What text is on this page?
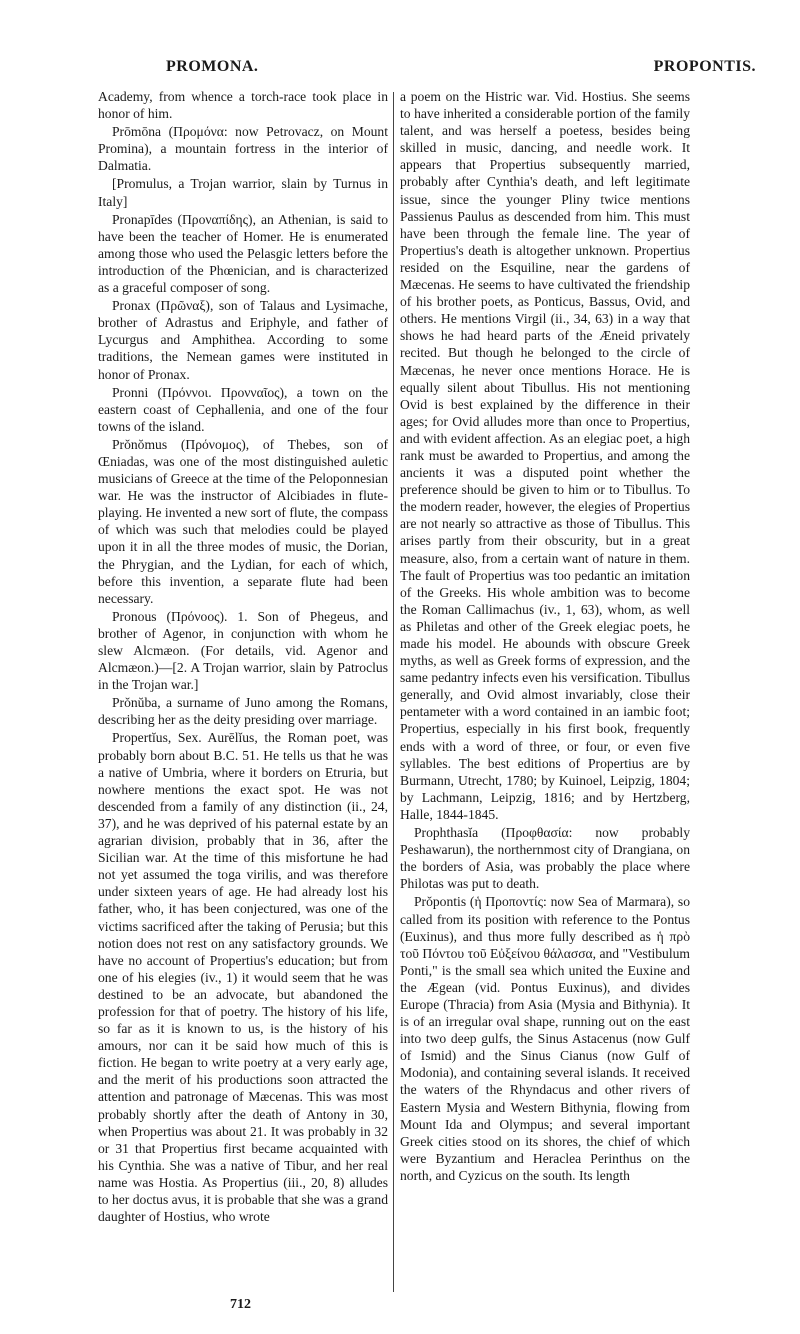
PROMONA.	PROPONTIS.

Academy, from whence a torch-race took place in honor of him.

Prōmōna (Προμόνα: now Petrovacz, on Mount Promina), a mountain fortress in the interior of Dalmatia.

[Promulus, a Trojan warrior, slain by Turnus in Italy]

Pronapīdes (Προναπίδης), an Athenian, is said to have been the teacher of Homer. He is enumerated among those who used the Pelasgic letters before the introduction of the Phœnician, and is characterized as a graceful composer of song.

Pronax (Πρῶναξ), son of Talaus and Lysimache, brother of Adrastus and Eriphyle, and father of Lycurgus and Amphithea. According to some traditions, the Nemean games were instituted in honor of Pronax.

Pronni (Πρόννοι. Προνναῖος), a town on the eastern coast of Cephallenia, and one of the four towns of the island.

Prŏnŏmus (Πρόνομος), of Thebes, son of Œniadas, was one of the most distinguished auletic musicians of Greece at the time of the Peloponnesian war. He was the instructor of Alcibiades in flute-playing. He invented a new sort of flute, the compass of which was such that melodies could be played upon it in all the three modes of music, the Dorian, the Phrygian, and the Lydian, for each of which, before this invention, a separate flute had been necessary.

Pronous (Πρόνοος). 1. Son of Phegeus, and brother of Agenor, in conjunction with whom he slew Alcmæon. (For details, vid. Agenor and Alcmæon.)—[2. A Trojan warrior, slain by Patroclus in the Trojan war.]

Prŏnŭba, a surname of Juno among the Romans, describing her as the deity presiding over marriage.

Propertĭus, Sex. Aurēlĭus, the Roman poet, was probably born about B.C. 51. He tells us that he was a native of Umbria, where it borders on Etruria, but nowhere mentions the exact spot. He was not descended from a family of any distinction (ii., 24, 37), and he was deprived of his paternal estate by an agrarian division, probably that in 36, after the Sicilian war. At the time of this misfortune he had not yet assumed the toga virilis, and was therefore under sixteen years of age. He had already lost his father, who, it has been conjectured, was one of the victims sacrificed after the taking of Perusia; but this notion does not rest on any satisfactory grounds. We have no account of Propertius's education; but from one of his elegies (iv., 1) it would seem that he was destined to be an advocate, but abandoned the profession for that of poetry. The history of his life, so far as it is known to us, is the history of his amours, nor can it be said how much of this is fiction. He began to write poetry at a very early age, and the merit of his productions soon attracted the attention and patronage of Mæcenas. This was most probably shortly after the death of Antony in 30, when Propertius was about 21. It was probably in 32 or 31 that Propertius first became acquainted with his Cynthia. She was a native of Tibur, and her real name was Hostia. As Propertius (iii., 20, 8) alludes to her doctus avus, it is probable that she was a grand daughter of Hostius, who wrote

a poem on the Histric war. Vid. Hostius. She seems to have inherited a considerable portion of the family talent, and was herself a poetess, besides being skilled in music, dancing, and needle work. It appears that Propertius subsequently married, probably after Cynthia's death, and left legitimate issue, since the younger Pliny twice mentions Passienus Paulus as descended from him. This must have been through the female line. The year of Propertius's death is altogether unknown. Propertius resided on the Esquiline, near the gardens of Mæcenas. He seems to have cultivated the friendship of his brother poets, as Ponticus, Bassus, Ovid, and others. He mentions Virgil (ii., 34, 63) in a way that shows he had heard parts of the Æneid privately recited. But though he belonged to the circle of Mæcenas, he never once mentions Horace. He is equally silent about Tibullus. His not mentioning Ovid is best explained by the difference in their ages; for Ovid alludes more than once to Propertius, and with evident affection. As an elegiac poet, a high rank must be awarded to Propertius, and among the ancients it was a disputed point whether the preference should be given to him or to Tibullus. To the modern reader, however, the elegies of Propertius are not nearly so attractive as those of Tibullus. This arises partly from their obscurity, but in a great measure, also, from a certain want of nature in them. The fault of Propertius was too pedantic an imitation of the Greeks. His whole ambition was to become the Roman Callimachus (iv., 1, 63), whom, as well as Philetas and other of the Greek elegiac poets, he made his model. He abounds with obscure Greek myths, as well as Greek forms of expression, and the same pedantry infects even his versification. Tibullus generally, and Ovid almost invariably, close their pentameter with a word contained in an iambic foot; Propertius, especially in his first book, frequently ends with a word of three, or four, or even five syllables. The best editions of Propertius are by Burmann, Utrecht, 1780; by Kuinoel, Leipzig, 1804; by Lachmann, Leipzig, 1816; and by Hertzberg, Halle, 1844-1845.

Prophthasĭa (Προφθασία: now probably Peshawarun), the northernmost city of Drangiana, on the borders of Asia, was probably the place where Philotas was put to death.

Prŏpontis (ἡ Προποντίς: now Sea of Marmara), so called from its position with reference to the Pontus (Euxinus), and thus more fully described as ἡ πρὸ τοῦ Πόντου τοῦ Εὐξείνου θάλασσα, and "Vestibulum Ponti," is the small sea which united the Euxine and the Ægean (vid. Pontus Euxinus), and divides Europe (Thracia) from Asia (Mysia and Bithynia). It is of an irregular oval shape, running out on the east into two deep gulfs, the Sinus Astacenus (now Gulf of Ismid) and the Sinus Cianus (now Gulf of Modonia), and containing several islands. It received the waters of the Rhyndacus and other rivers of Eastern Mysia and Western Bithynia, flowing from Mount Ida and Olympus; and several important Greek cities stood on its shores, the chief of which were Byzantium and Heraclea Perinthus on the north, and Cyzicus on the south. Its length

712
